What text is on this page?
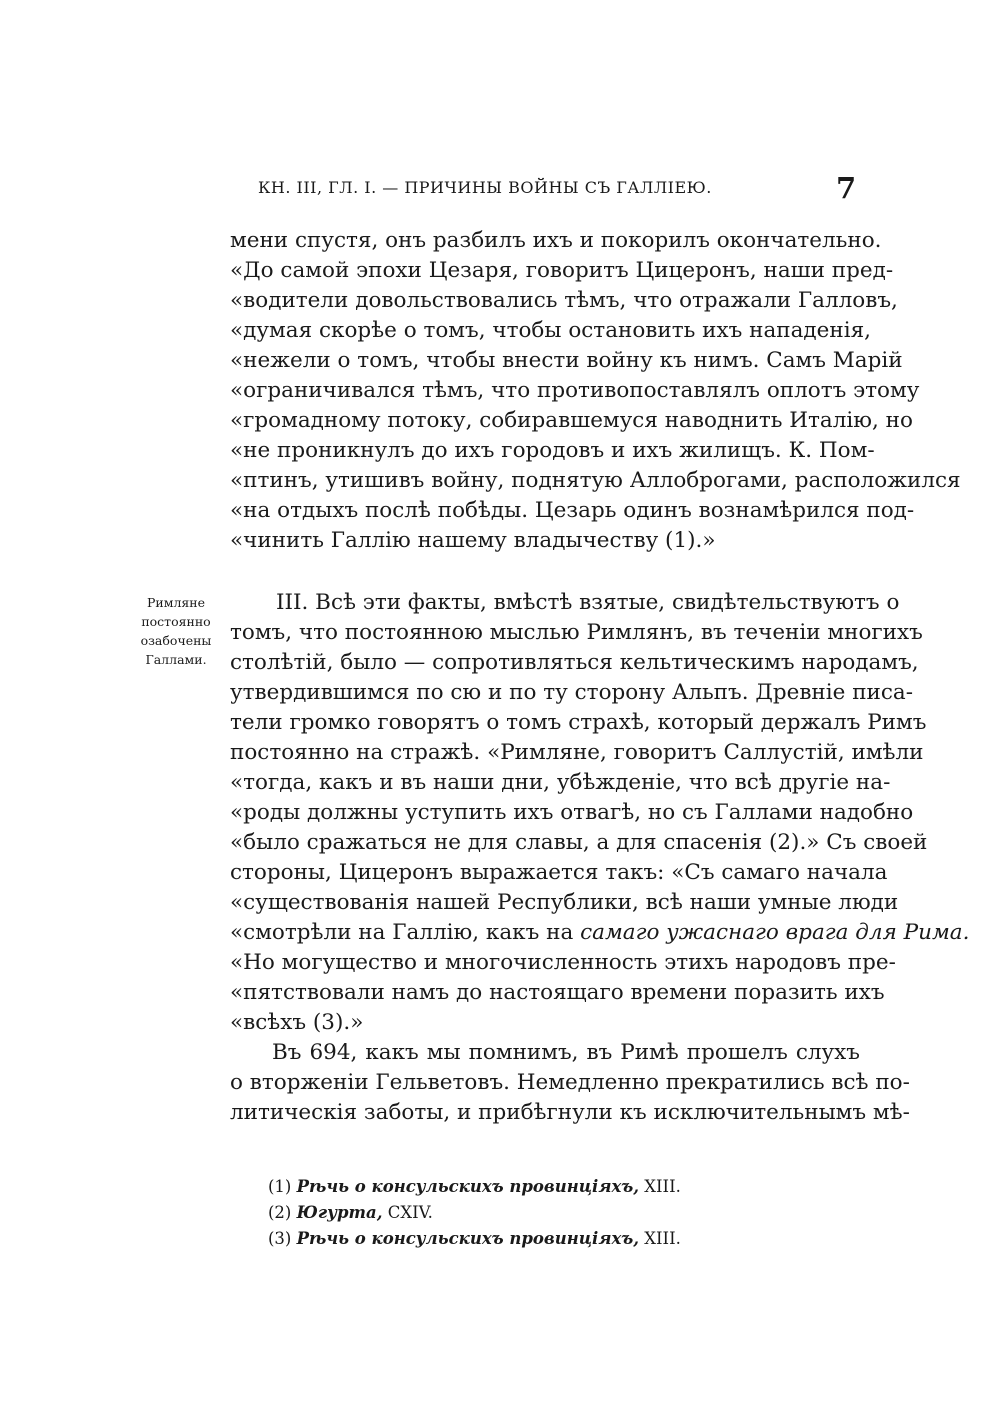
КН. III, ГЛ. I. — ПРИЧИНЫ ВОЙНЫ СЪ ГАЛЛІЕЮ.	7
мени спустя, онъ разбилъ ихъ и покорилъ окончательно.
«До самой эпохи Цезаря, говоритъ Цицеронъ, наши пред-
«водители довольствовались тѣмъ, что отражали Галловъ,
«думая скорѣе о томъ, чтобы остановить ихъ нападенія,
«нежели о томъ, чтобы внести войну къ нимъ. Самъ Марій
«ограничивался тѣмъ, что противопоставлялъ оплотъ этому
«громадному потоку, собиравшемуся наводнить Италію, но
«не проникнулъ до ихъ городовъ и ихъ жилищъ. К. Пом-
«птинъ, утишивъ войну, поднятую Аллоброгами, расположился
«на отдыхъ послѣ побѣды. Цезарь одинъ вознамѣрился под-
«чинить Галлію нашему владычеству (1).»
III. Всѣ эти факты, вмѣстѣ взятые, свидѣтельствуютъ о
томъ, что постоянною мыслью Римлянъ, въ теченіи многихъ
столѣтій, было — сопротивляться кельтическимъ народамъ,
утвердившимся по сю и по ту сторону Альпъ. Древніе писа-
тели громко говорятъ о томъ страхѣ, который держалъ Римъ
постоянно на стражѣ. «Римляне, говоритъ Саллустій, имѣли
«тогда, какъ и въ наши дни, убѣжденіе, что всѣ другіе на-
«роды должны уступить ихъ отвагѣ, но съ Галлами надобно
«было сражаться не для славы, а для спасенія (2).» Съ своей
стороны, Цицеронъ выражается такъ: «Съ самаго начала
«существованія нашей Республики, всѣ наши умные люди
«смотрѣли на Галлію, какъ на самаго ужаснаго врага для Рима.
«Но могущество и многочисленность этихъ народовъ пре-
«пятствовали намъ до настоящаго времени поразить ихъ
«всѣхъ (3).»
Въ 694, какъ мы помнимъ, въ Римѣ прошелъ слухъ
о вторженіи Гельветовъ. Немедленно прекратились всѣ по-
литическія заботы, и прибѣгнули къ исключительнымъ мѣ-
Римляне
постоянно
озабочены
Галлами.
(1) Рѣчь о консульскихъ провинціяхъ, XIII.
(2) Югурта, CXIV.
(3) Рѣчь о консульскихъ провинціяхъ, XIII.
